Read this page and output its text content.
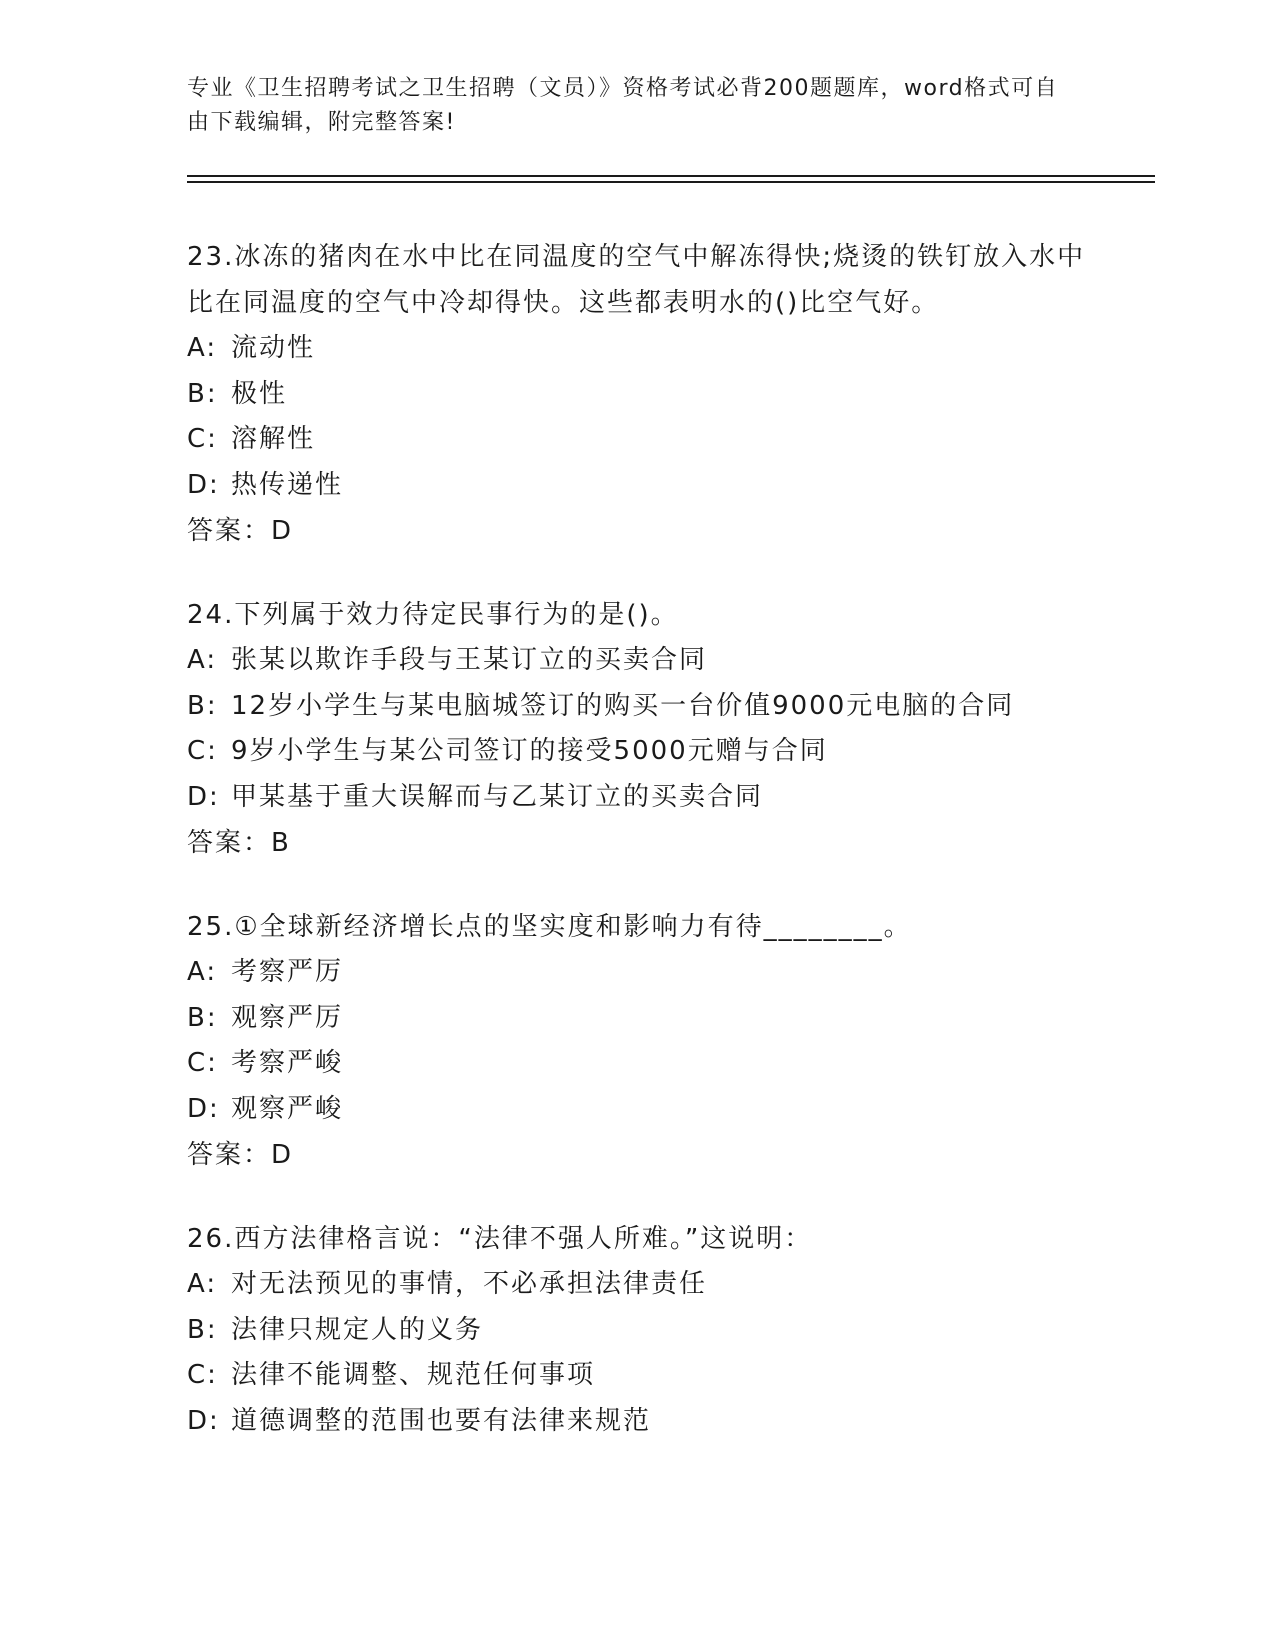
专业《卫生招聘考试之卫生招聘（文员）》资格考试必背200题题库，word格式可自由下载编辑，附完整答案!
23.冰冻的猪肉在水中比在同温度的空气中解冻得快;烧烫的铁钉放入水中比在同温度的空气中冷却得快。这些都表明水的()比空气好。
A: 流动性
B: 极性
C: 溶解性
D: 热传递性
答案：D
24.下列属于效力待定民事行为的是()。
A: 张某以欺诈手段与王某订立的买卖合同
B: 12岁小学生与某电脑城签订的购买一台价值9000元电脑的合同
C: 9岁小学生与某公司签订的接受5000元赠与合同
D: 甲某基于重大误解而与乙某订立的买卖合同
答案：B
25.①全球新经济增长点的坚实度和影响力有待________。
A: 考察严厉
B: 观察严厉
C: 考察严峻
D: 观察严峻
答案：D
26.西方法律格言说：“法律不强人所难。”这说明：
A: 对无法预见的事情，不必承担法律责任
B: 法律只规定人的义务
C: 法律不能调整、规范任何事项
D: 道德调整的范围也要有法律来规范
